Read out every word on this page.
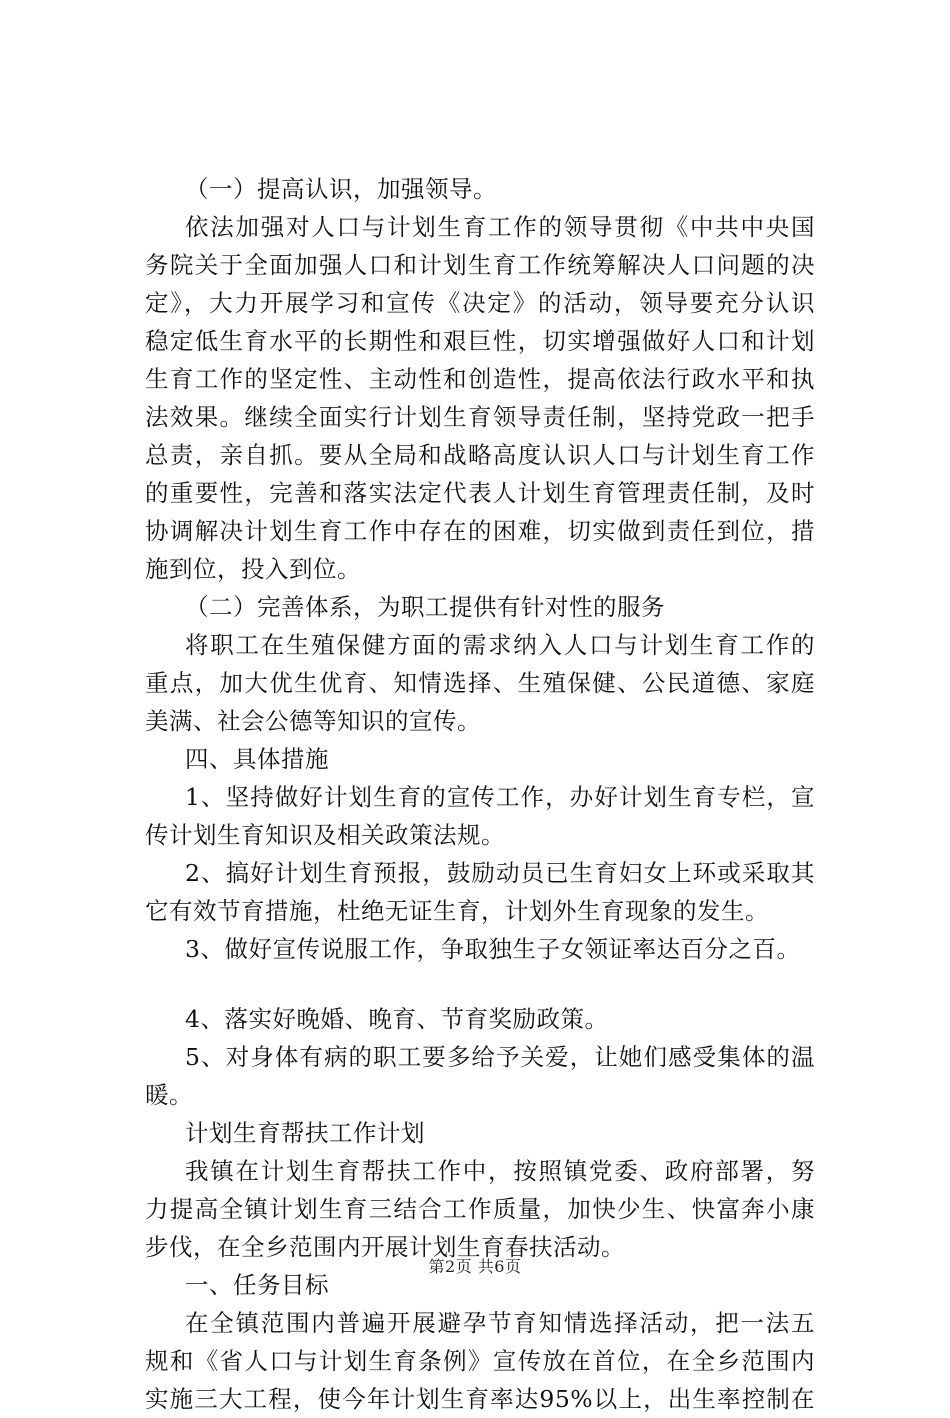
（一）提高认识，加强领导。
依法加强对人口与计划生育工作的领导贯彻《中共中央国
务院关于全面加强人口和计划生育工作统筹解决人口问题的决
定》，大力开展学习和宣传《决定》的活动，领导要充分认识
稳定低生育水平的长期性和艰巨性，切实增强做好人口和计划
生育工作的坚定性、主动性和创造性，提高依法行政水平和执
法效果。继续全面实行计划生育领导责任制，坚持党政一把手
总责，亲自抓。要从全局和战略高度认识人口与计划生育工作
的重要性，完善和落实法定代表人计划生育管理责任制，及时
协调解决计划生育工作中存在的困难，切实做到责任到位，措
施到位，投入到位。
（二）完善体系，为职工提供有针对性的服务
将职工在生殖保健方面的需求纳入人口与计划生育工作的
重点，加大优生优育、知情选择、生殖保健、公民道德、家庭
美满、社会公德等知识的宣传。
四、具体措施
1、坚持做好计划生育的宣传工作，办好计划生育专栏，宣
传计划生育知识及相关政策法规。
2、搞好计划生育预报，鼓励动员已生育妇女上环或采取其
它有效节育措施，杜绝无证生育，计划外生育现象的发生。
3、做好宣传说服工作，争取独生子女领证率达百分之百。
4、落实好晚婚、晚育、节育奖励政策。
5、对身体有病的职工要多给予关爱，让她们感受集体的温
暖。
计划生育帮扶工作计划
我镇在计划生育帮扶工作中，按照镇党委、政府部署，努
力提高全镇计划生育三结合工作质量，加快少生、快富奔小康
步伐，在全乡范围内开展计划生育春扶活动。
一、任务目标
在全镇范围内普遍开展避孕节育知情选择活动，把一法五
规和《省人口与计划生育条例》宣传放在首位，在全乡范围内
实施三大工程，使今年计划生育率达95%以上，出生率控制在
第2页 共6页
